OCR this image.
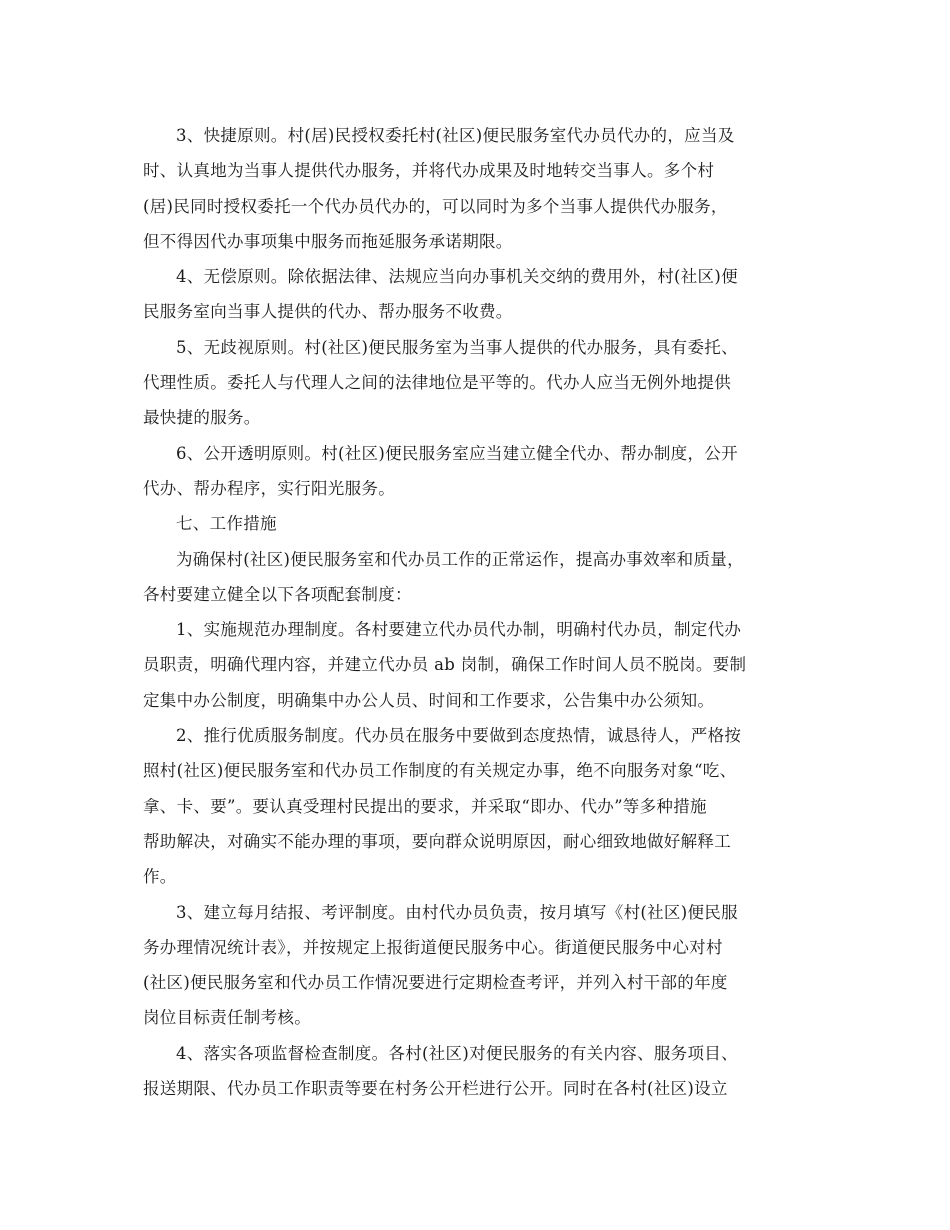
3、快捷原则。村(居)民授权委托村(社区)便民服务室代办员代办的，应当及
时、认真地为当事人提供代办服务，并将代办成果及时地转交当事人。多个村
(居)民同时授权委托一个代办员代办的，可以同时为多个当事人提供代办服务，
但不得因代办事项集中服务而拖延服务承诺期限。
4、无偿原则。除依据法律、法规应当向办事机关交纳的费用外，村(社区)便
民服务室向当事人提供的代办、帮办服务不收费。
5、无歧视原则。村(社区)便民服务室为当事人提供的代办服务，具有委托、
代理性质。委托人与代理人之间的法律地位是平等的。代办人应当无例外地提供
最快捷的服务。
6、公开透明原则。村(社区)便民服务室应当建立健全代办、帮办制度，公开
代办、帮办程序，实行阳光服务。
七、工作措施
为确保村(社区)便民服务室和代办员工作的正常运作，提高办事效率和质量，
各村要建立健全以下各项配套制度：
1、实施规范办理制度。各村要建立代办员代办制，明确村代办员，制定代办
员职责，明确代理内容，并建立代办员 ab 岗制，确保工作时间人员不脱岗。要制
定集中办公制度，明确集中办公人员、时间和工作要求，公告集中办公须知。
2、推行优质服务制度。代办员在服务中要做到态度热情，诚恳待人，严格按
照村(社区)便民服务室和代办员工作制度的有关规定办事，绝不向服务对象“吃、
拿、卡、要”。要认真受理村民提出的要求，并采取“即办、代办”等多种措施
帮助解决，对确实不能办理的事项，要向群众说明原因，耐心细致地做好解释工
作。
3、建立每月结报、考评制度。由村代办员负责，按月填写《村(社区)便民服
务办理情况统计表》，并按规定上报街道便民服务中心。街道便民服务中心对村
(社区)便民服务室和代办员工作情况要进行定期检查考评，并列入村干部的年度
岗位目标责任制考核。
4、落实各项监督检查制度。各村(社区)对便民服务的有关内容、服务项目、
报送期限、代办员工作职责等要在村务公开栏进行公开。同时在各村(社区)设立
